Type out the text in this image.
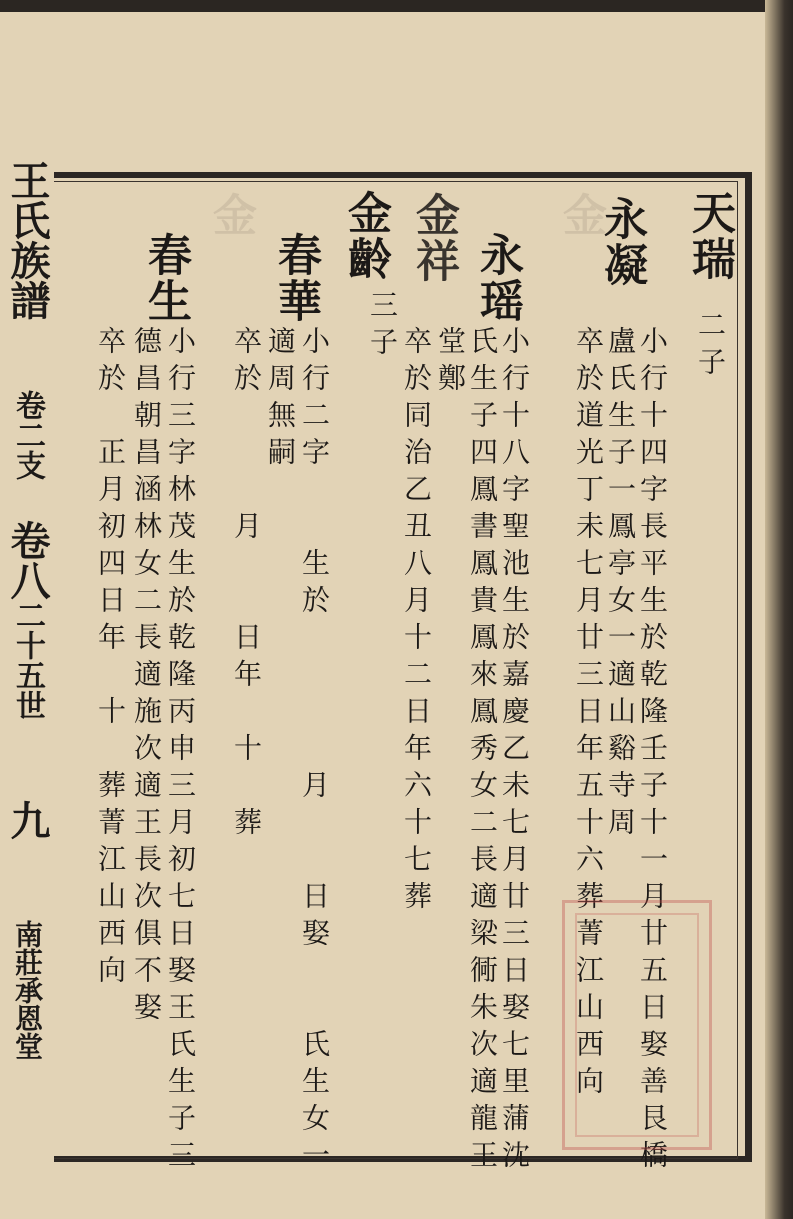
王氏族譜
卷二支
卷八
二十五世
九
南莊承恩堂
金	金 天瑞
二子
永凝
小行十四字長平生於乾隆壬子十一月廿五日娶善艮橋
盧氏生子一鳳亭女一適山谿寺周
卒於道光丁未七月廿三日年五十六葬菁江山西向
金祥 永瑶
小行十八字聖池生於嘉慶乙未七月廿三日娶七里蒲沈
氏生子四鳳書鳳貴鳳來鳳秀女二長適梁衕朱次適龍王
堂鄭
卒於同治乙丑八月十二日年六十七葬
金齡
三子
春華
小行二字　　生於　　　　月　　日娶　　氏生女一
適周無嗣
卒於　　　月　　日年　十　葬
春生
小行三字林茂生於乾隆丙申三月初七日娶王氏生子三
德昌朝昌涵林女二長適施次適王長次俱不娶
卒於　正月初四日年　十　葬菁江山西向
